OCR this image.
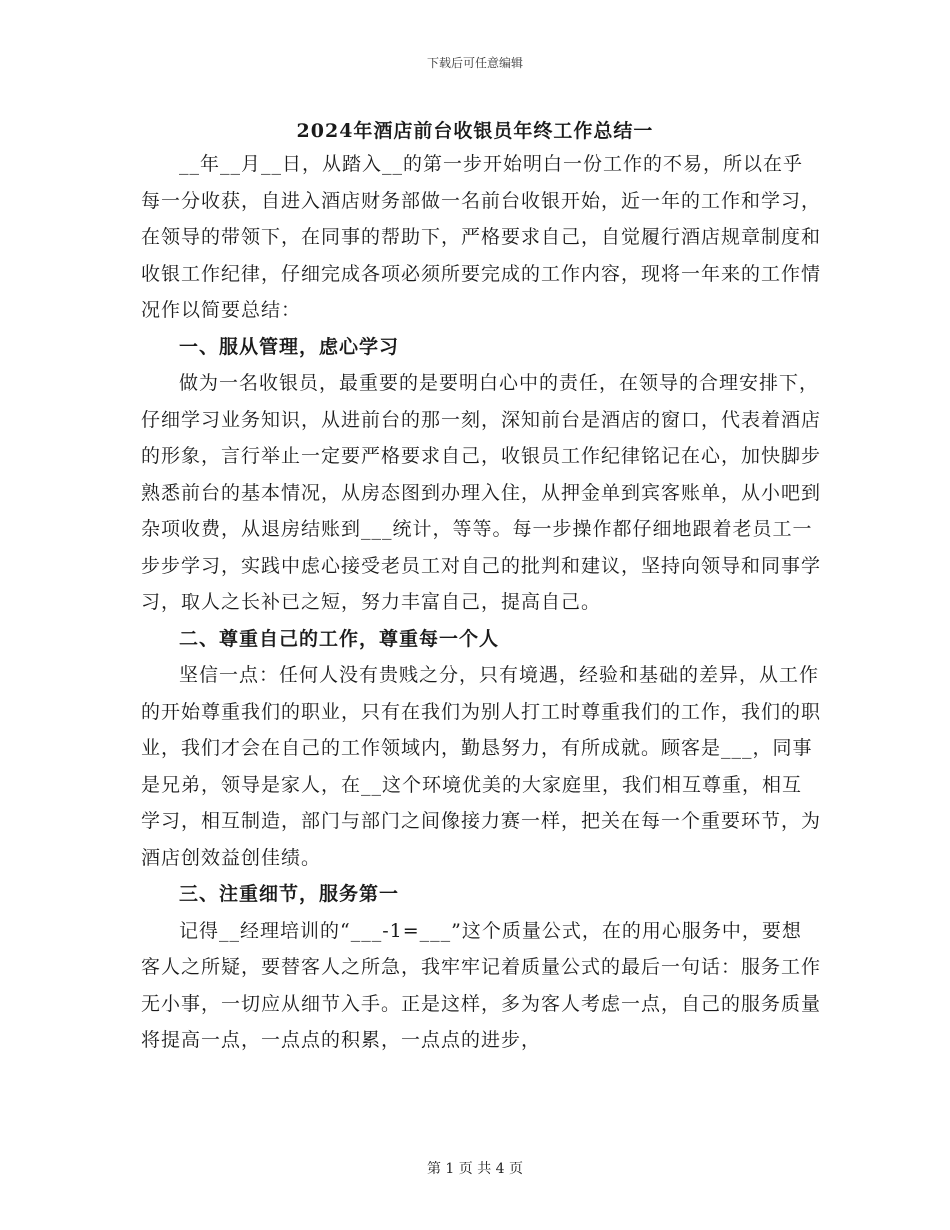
下载后可任意编辑
2024年酒店前台收银员年终工作总结一

__年__月__日，从踏入__的第一步开始明白一份工作的不易，所以在乎每一分收获，自进入酒店财务部做一名前台收银开始，近一年的工作和学习，在领导的带领下，在同事的帮助下，严格要求自己，自觉履行酒店规章制度和收银工作纪律，仔细完成各项必须所要完成的工作内容，现将一年来的工作情况作以简要总结：

一、服从管理，虑心学习

做为一名收银员，最重要的是要明白心中的责任，在领导的合理安排下，仔细学习业务知识，从进前台的那一刻，深知前台是酒店的窗口，代表着酒店的形象，言行举止一定要严格要求自己，收银员工作纪律铭记在心，加快脚步熟悉前台的基本情况，从房态图到办理入住，从押金单到宾客账单，从小吧到杂项收费，从退房结账到___统计，等等。每一步操作都仔细地跟着老员工一步步学习，实践中虑心接受老员工对自己的批判和建议，坚持向领导和同事学习，取人之长补已之短，努力丰富自己，提高自己。

二、尊重自己的工作，尊重每一个人

坚信一点：任何人没有贵贱之分，只有境遇，经验和基础的差异，从工作的开始尊重我们的职业，只有在我们为别人打工时尊重我们的工作，我们的职业，我们才会在自己的工作领域内，勤恳努力，有所成就。顾客是___，同事是兄弟，领导是家人，在__这个环境优美的大家庭里，我们相互尊重，相互学习，相互制造，部门与部门之间像接力赛一样，把关在每一个重要环节，为酒店创效益创佳绩。

三、注重细节，服务第一

记得__经理培训的“___-1=___”这个质量公式，在的用心服务中，要想客人之所疑，要替客人之所急，我牢牢记着质量公式的最后一句话：服务工作无小事，一切应从细节入手。正是这样，多为客人考虑一点，自己的服务质量将提高一点，一点点的积累，一点点的进步，

第 1 页 共 4 页
